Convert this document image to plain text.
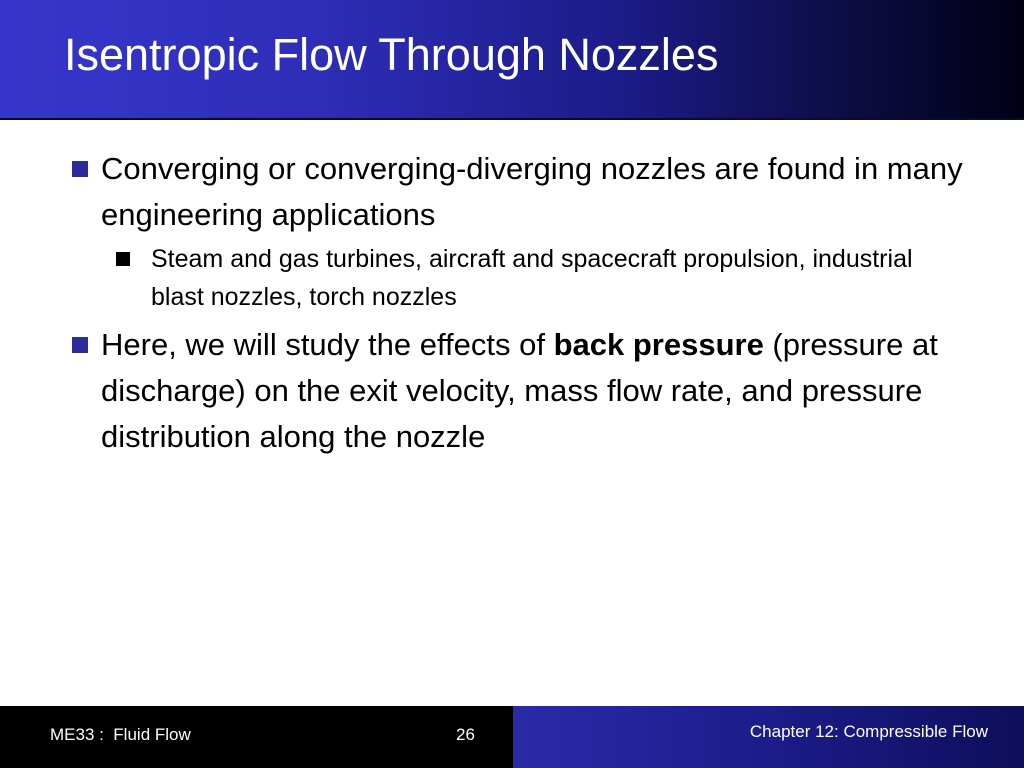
Isentropic Flow Through Nozzles
Converging or converging-diverging nozzles are found in many engineering applications
Steam and gas turbines, aircraft and spacecraft propulsion, industrial blast nozzles, torch nozzles
Here, we will study the effects of back pressure (pressure at discharge) on the exit velocity, mass flow rate, and pressure distribution along the nozzle
ME33 :  Fluid Flow	26	Chapter 12: Compressible Flow
